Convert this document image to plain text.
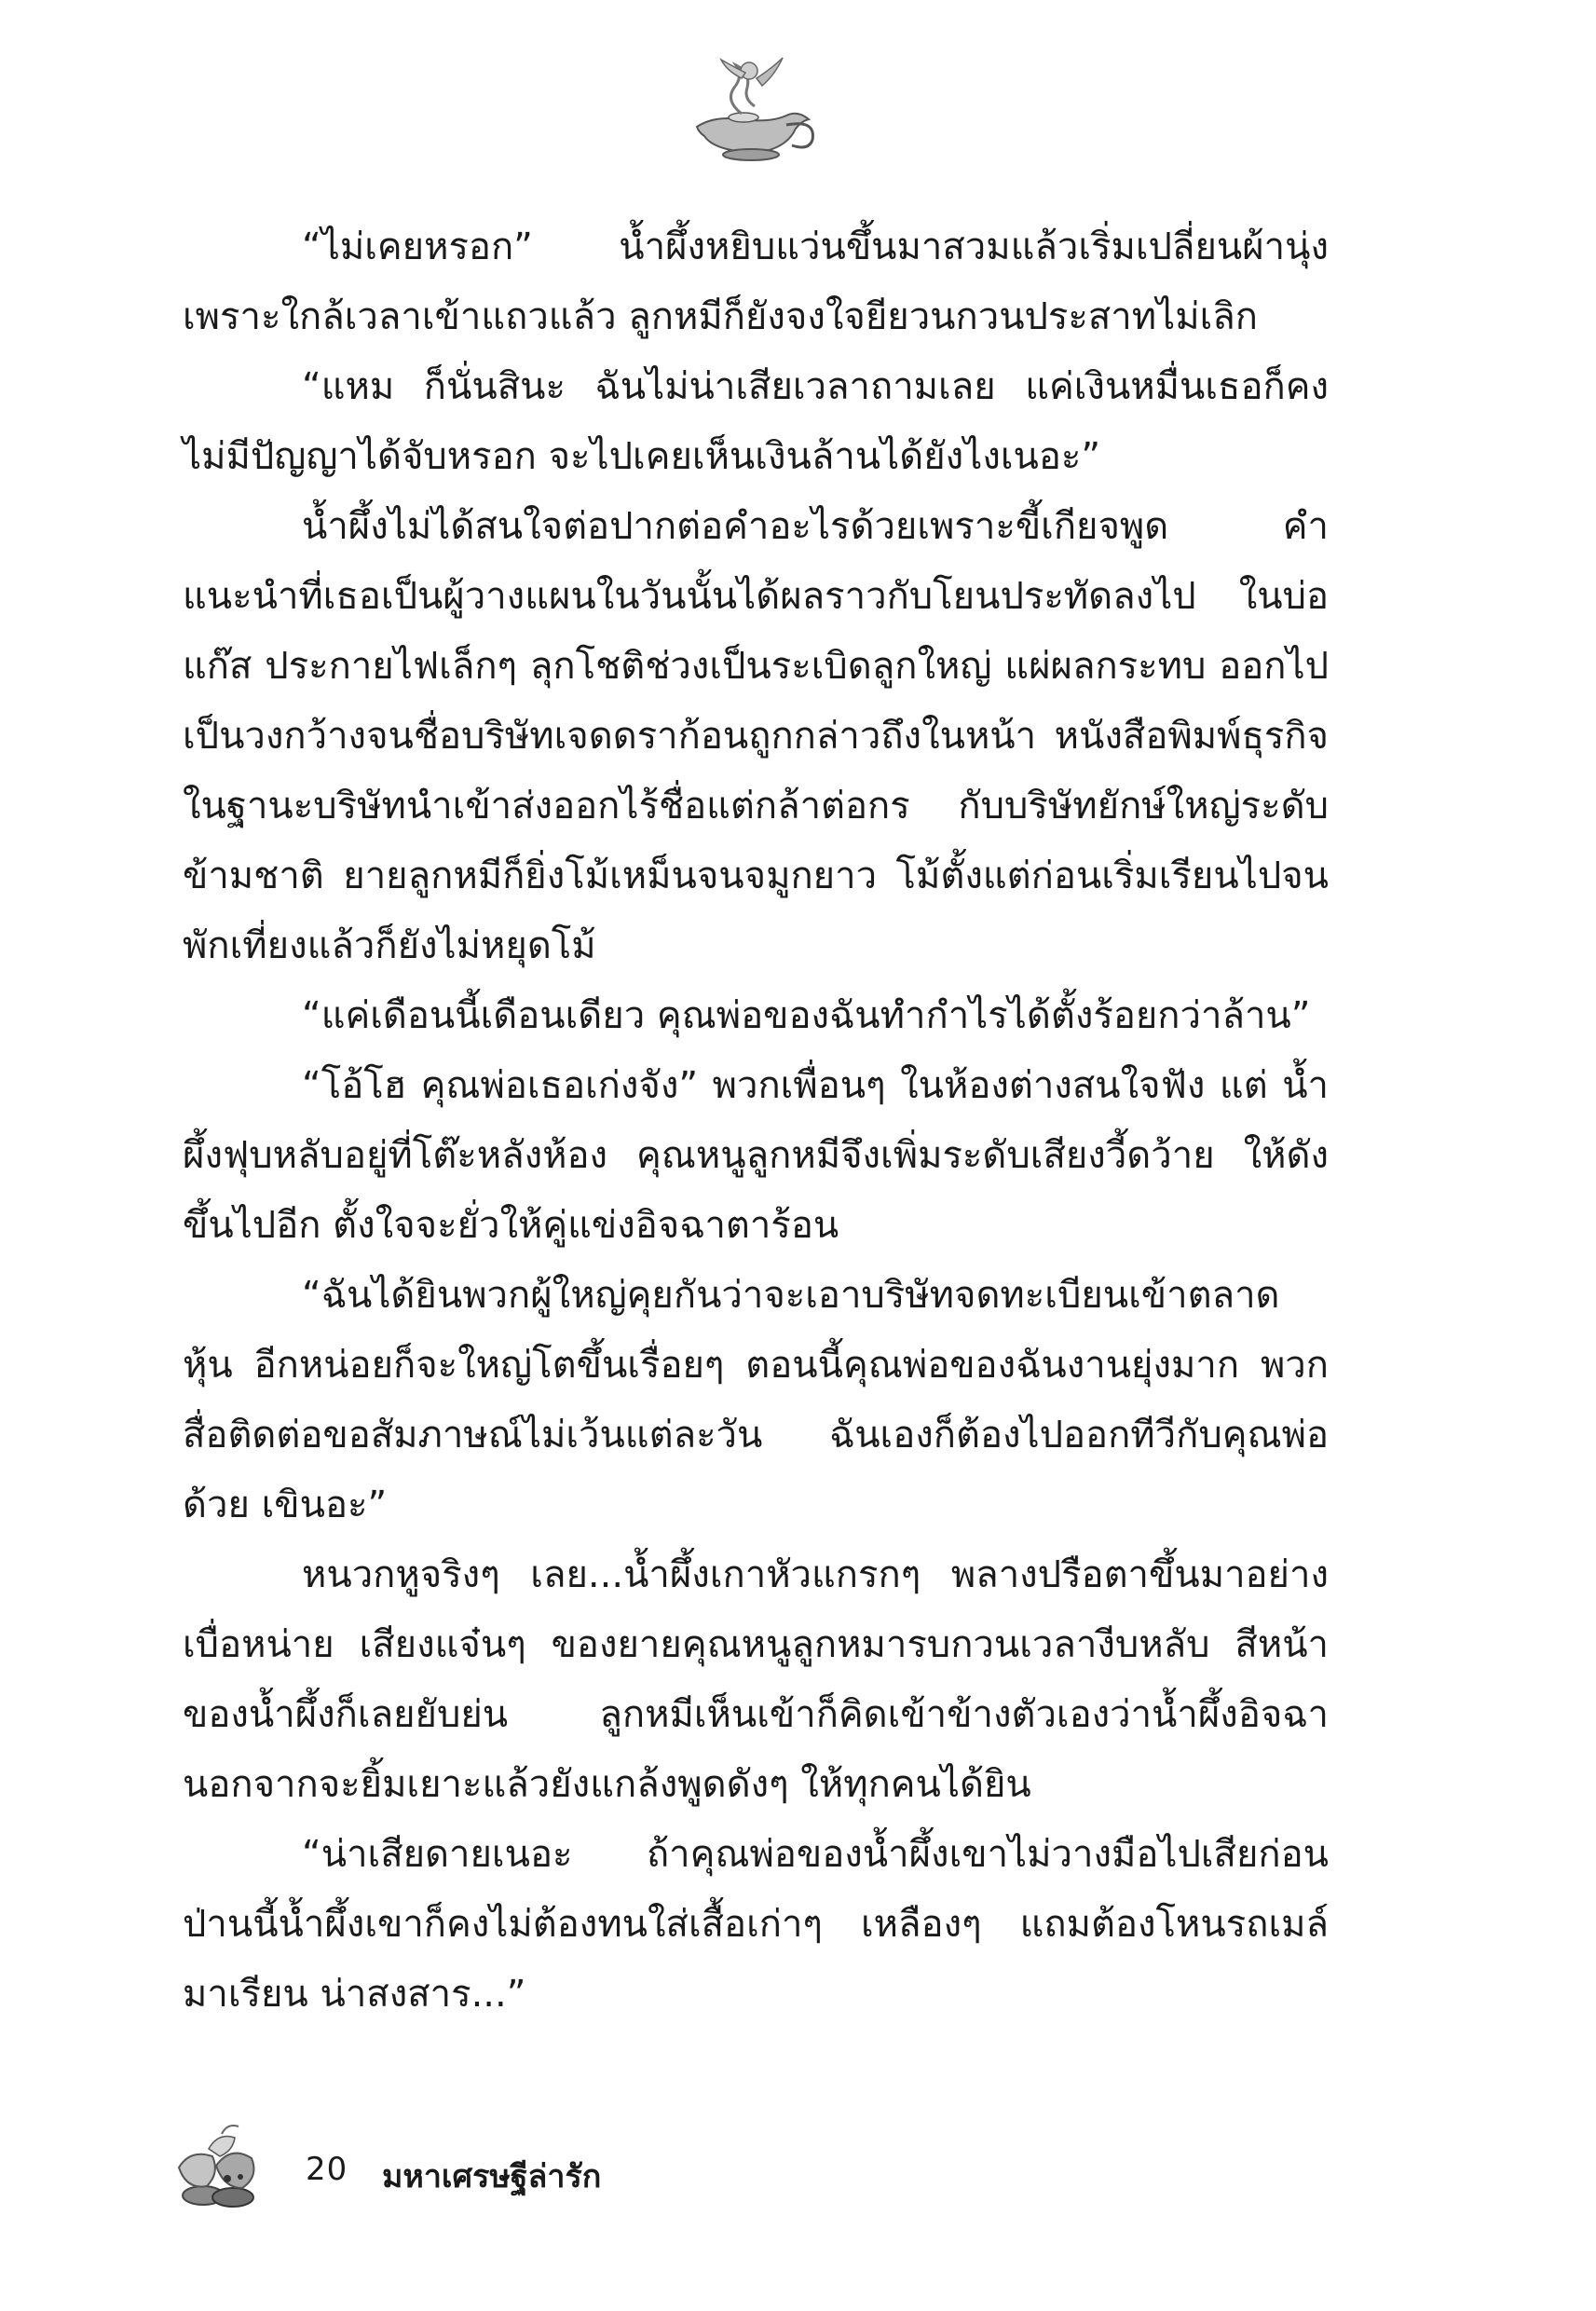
“ไม่เคยหรอก” น้ำผึ้งหยิบแว่นขึ้นมาสวมแล้วเริ่มเปลี่ยนผ้านุ่ง เพราะใกล้เวลาเข้าแถวแล้ว ลูกหมีก็ยังจงใจยียวนกวนประสาทไม่เลิก

“แหม ก็นั่นสินะ ฉันไม่น่าเสียเวลาถามเลย แค่เงินหมื่นเธอก็คง ไม่มีปัญญาได้จับหรอก จะไปเคยเห็นเงินล้านได้ยังไงเนอะ”

น้ำผึ้งไม่ได้สนใจต่อปากต่อคำอะไรด้วยเพราะขี้เกียจพูด คำแนะนำที่เธอเป็นผู้วางแผนในวันนั้นได้ผลราวกับโยนประทัดลงไป ในบ่อแก๊ส ประกายไฟเล็กๆ ลุกโชติช่วงเป็นระเบิดลูกใหญ่ แผ่ผลกระทบ ออกไปเป็นวงกว้างจนชื่อบริษัทเจดดราก้อนถูกกล่าวถึงในหน้า หนังสือพิมพ์ธุรกิจ ในฐานะบริษัทนำเข้าส่งออกไร้ชื่อแต่กล้าต่อกร กับบริษัทยักษ์ใหญ่ระดับข้ามชาติ ยายลูกหมีก็ยิ่งโม้เหม็นจนจมูกยาว โม้ตั้งแต่ก่อนเริ่มเรียนไปจนพักเที่ยงแล้วก็ยังไม่หยุดโม้

“แค่เดือนนี้เดือนเดียว คุณพ่อของฉันทำกำไรได้ตั้งร้อยกว่าล้าน”

“โอ้โฮ คุณพ่อเธอเก่งจัง” พวกเพื่อนๆ ในห้องต่างสนใจฟัง แต่ น้ำผึ้งฟุบหลับอยู่ที่โต๊ะหลังห้อง คุณหนูลูกหมีจึงเพิ่มระดับเสียงวี้ดว้าย ให้ดังขึ้นไปอีก ตั้งใจจะยั่วให้คู่แข่งอิจฉาตาร้อน

“ฉันได้ยินพวกผู้ใหญ่คุยกันว่าจะเอาบริษัทจดทะเบียนเข้าตลาดหุ้น อีกหน่อยก็จะใหญ่โตขึ้นเรื่อยๆ ตอนนี้คุณพ่อของฉันงานยุ่งมาก พวก สื่อติดต่อขอสัมภาษณ์ไม่เว้นแต่ละวัน ฉันเองก็ต้องไปออกทีวีกับคุณพ่อ ด้วย เขินอะ”

หนวกหูจริงๆ เลย...น้ำผึ้งเกาหัวแกรกๆ พลางปรือตาขึ้นมาอย่าง เบื่อหน่าย เสียงแจ๋นๆ ของยายคุณหนูลูกหมารบกวนเวลางีบหลับ สีหน้า ของน้ำผึ้งก็เลยยับย่น ลูกหมีเห็นเข้าก็คิดเข้าข้างตัวเองว่าน้ำผึ้งอิจฉา นอกจากจะยิ้มเยาะแล้วยังแกล้งพูดดังๆ ให้ทุกคนได้ยิน

“น่าเสียดายเนอะ ถ้าคุณพ่อของน้ำผึ้งเขาไม่วางมือไปเสียก่อน ป่านนี้น้ำผึ้งเขาก็คงไม่ต้องทนใส่เสื้อเก่าๆ เหลืองๆ แถมต้องโหนรถเมล์ มาเรียน น่าสงสาร...”

20 มหาเศรษฐีล่ารัก
